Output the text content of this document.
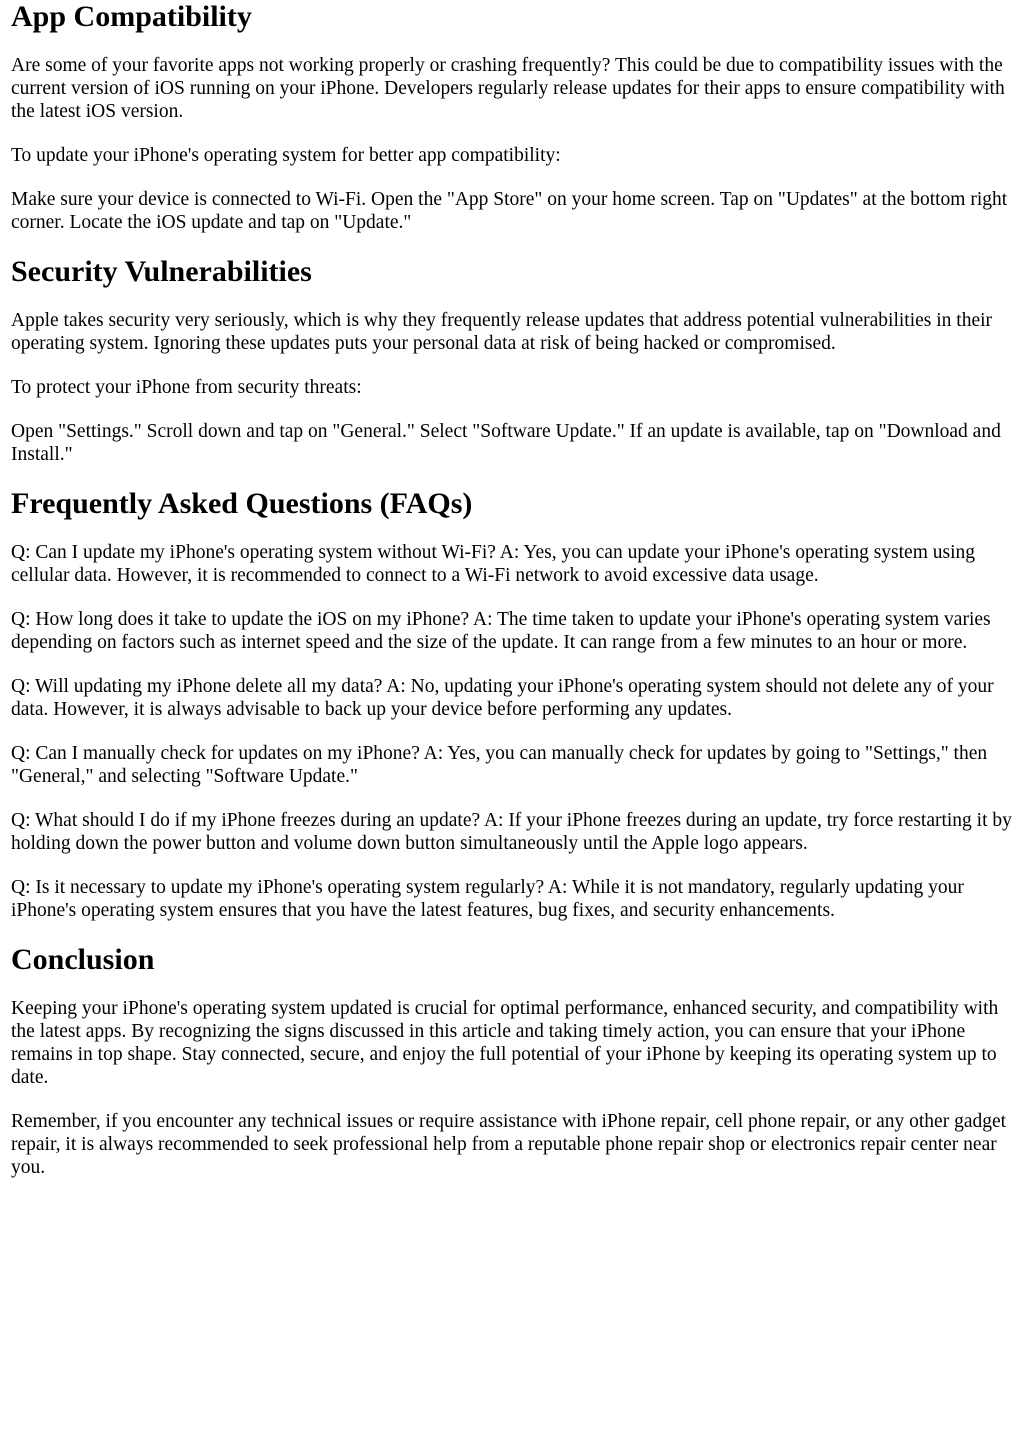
App Compatibility

Are some of your favorite apps not working properly or crashing frequently? This could be due to compatibility issues with the current version of iOS running on your iPhone. Developers regularly release updates for their apps to ensure compatibility with the latest iOS version.

To update your iPhone's operating system for better app compatibility:

Make sure your device is connected to Wi-Fi. Open the "App Store" on your home screen. Tap on "Updates" at the bottom right corner. Locate the iOS update and tap on "Update."

Security Vulnerabilities

Apple takes security very seriously, which is why they frequently release updates that address potential vulnerabilities in their operating system. Ignoring these updates puts your personal data at risk of being hacked or compromised.

To protect your iPhone from security threats:

Open "Settings." Scroll down and tap on "General." Select "Software Update." If an update is available, tap on "Download and Install."

Frequently Asked Questions (FAQs)

Q: Can I update my iPhone's operating system without Wi-Fi? A: Yes, you can update your iPhone's operating system using cellular data. However, it is recommended to connect to a Wi-Fi network to avoid excessive data usage.

Q: How long does it take to update the iOS on my iPhone? A: The time taken to update your iPhone's operating system varies depending on factors such as internet speed and the size of the update. It can range from a few minutes to an hour or more.

Q: Will updating my iPhone delete all my data? A: No, updating your iPhone's operating system should not delete any of your data. However, it is always advisable to back up your device before performing any updates.

Q: Can I manually check for updates on my iPhone? A: Yes, you can manually check for updates by going to "Settings," then "General," and selecting "Software Update."

Q: What should I do if my iPhone freezes during an update? A: If your iPhone freezes during an update, try force restarting it by holding down the power button and volume down button simultaneously until the Apple logo appears.

Q: Is it necessary to update my iPhone's operating system regularly? A: While it is not mandatory, regularly updating your iPhone's operating system ensures that you have the latest features, bug fixes, and security enhancements.

Conclusion

Keeping your iPhone's operating system updated is crucial for optimal performance, enhanced security, and compatibility with the latest apps. By recognizing the signs discussed in this article and taking timely action, you can ensure that your iPhone remains in top shape. Stay connected, secure, and enjoy the full potential of your iPhone by keeping its operating system up to date.

Remember, if you encounter any technical issues or require assistance with iPhone repair, cell phone repair, or any other gadget repair, it is always recommended to seek professional help from a reputable phone repair shop or electronics repair center near you.
